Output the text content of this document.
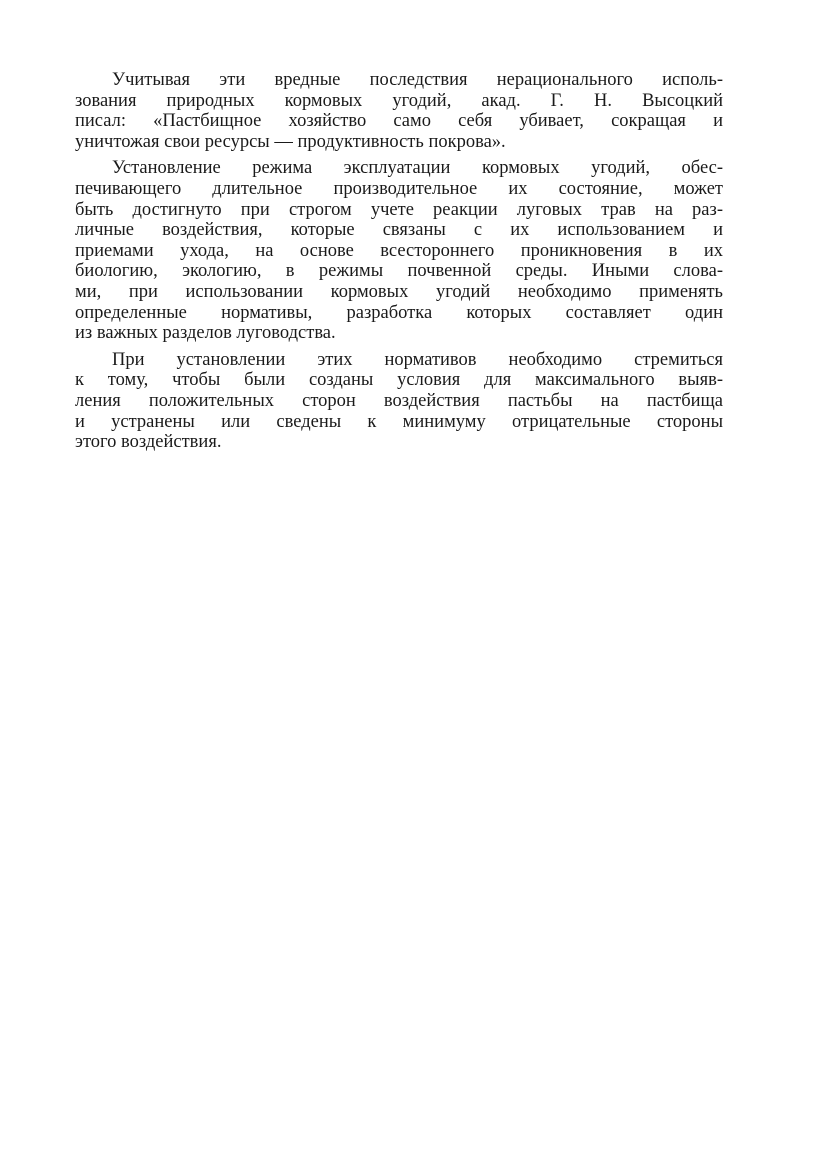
Учитывая эти вредные последствия нерационального исполь-
зования природных кормовых угодий, акад. Г. Н. Высоцкий
писал: «Пастбищное хозяйство само себя убивает, сокращая и
уничтожая свои ресурсы — продуктивность покрова».

Установление режима эксплуатации кормовых угодий, обес-
печивающего длительное производительное их состояние, может
быть достигнуто при строгом учете реакции луговых трав на раз-
личные воздействия, которые связаны с их использованием и
приемами ухода, на основе всестороннего проникновения в их
биологию, экологию, в режимы почвенной среды. Иными слова-
ми, при использовании кормовых угодий необходимо применять
определенные нормативы, разработка которых составляет один
из важных разделов луговодства.

При установлении этих нормативов необходимо стремиться
к тому, чтобы были созданы условия для максимального выяв-
ления положительных сторон воздействия пастьбы на пастбища
и устранены или сведены к минимуму отрицательные стороны
этого воздействия.
